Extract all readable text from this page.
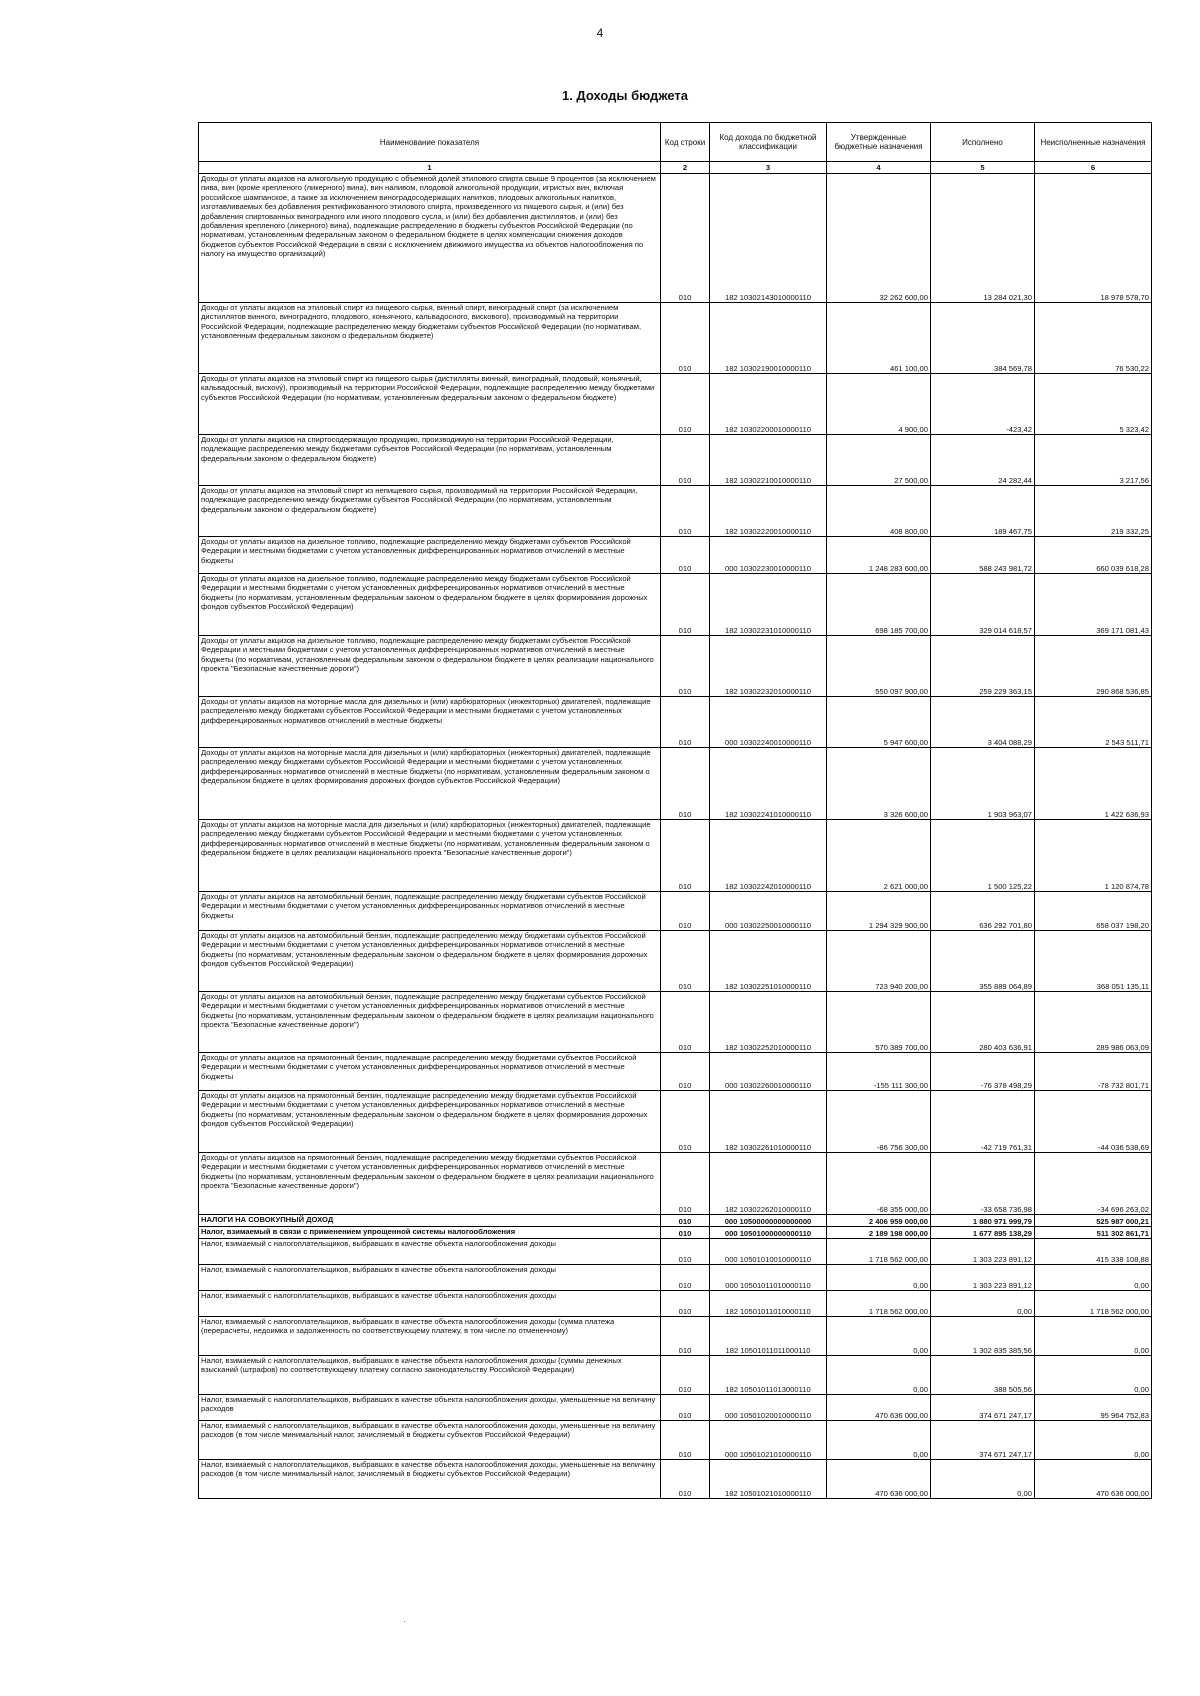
4
1. Доходы бюджета
Наименование показателя	Код строки	Код дохода по бюджетной классификации	Утвержденные бюджетные назначения	Исполнено	Неисполненные назначения
1	2	3	4	5	6
Доходы от уплаты акцизов на алкогольную продукцию с объемной долей этилового спирта свыше 9 процентов (за исключением пива, вин (кроме крепленого (ликерного) вина), вин наливом, плодовой алкогольной продукции, игристых вин, включая российское шампанское, а также за исключением виноградосодержащих напитков, плодовых алкогольных напитков, изготавливаемых без добавления ректификованного этилового спирта, произведенного из пищевого сырья, и (или) без добавления спиртованных виноградного или иного плодового сусла, и (или) без добавления дистиллятов, и (или) без добавления крепленого (ликерного) вина), подлежащие распределению в бюджеты субъектов Российской Федерации (по нормативам, установленным федеральным законом о федеральном бюджете в целях компенсации снижения доходов бюджетов субъектов Российской Федерации в связи с исключением движимого имущества из объектов налогообложения по налогу на имущество организаций)	010	182 10302143010000110	32 262 600,00	13 284 021,30	18 978 578,70
Доходы от уплаты акцизов на этиловый спирт из пищевого сырья, винный спирт, виноградный спирт (за исключением дистиллятов винного, виноградного, плодового, коньячного, кальвадосного, вискового), производимый на территории Российской Федерации, подлежащие распределению между бюджетами субъектов Российской Федерации (по нормативам, установленным федеральным законом о федеральном бюджете)	010	182 10302190010000110	461 100,00	384 569,78	76 530,22
Доходы от уплаты акцизов на этиловый спирт из пищевого сырья (дистилляты винный, виноградный, плодовый, коньячный, кальвадосный, вискový), производимый на территории Российской Федерации, подлежащие распределению между бюджетами субъектов Российской Федерации (по нормативам, установленным федеральным законом о федеральном бюджете)	010	182 10302200010000110	4 900,00	-423,42	5 323,42
Доходы от уплаты акцизов на спиртосодержащую продукцию, производимую на территории Российской Федерации, подлежащие распределению между бюджетами субъектов Российской Федерации (по нормативам, установленным федеральным законом о федеральном бюджете)	010	182 10302210010000110	27 500,00	24 282,44	3 217,56
Доходы от уплаты акцизов на этиловый спирт из непищевого сырья, производимый на территории Российской Федерации, подлежащие распределению между бюджетами субъектов Российской Федерации (по нормативам, установленным федеральным законом о федеральном бюджете)	010	182 10302220010000110	408 800,00	189 467,75	219 332,25
Доходы от уплаты акцизов на дизельное топливо, подлежащие распределению между бюджетами субъектов Российской Федерации и местными бюджетами с учетом установленных дифференцированных нормативов отчислений в местные бюджеты	010	000 10302230010000110	1 248 283 600,00	588 243 981,72	660 039 618,28
Доходы от уплаты акцизов на дизельное топливо, подлежащие распределению между бюджетами субъектов Российской Федерации и местными бюджетами с учетом установленных дифференцированных нормативов отчислений в местные бюджеты (по нормативам, установленным федеральным законом о федеральном бюджете в целях формирования дорожных фондов субъектов Российской Федерации)	010	182 10302231010000110	698 185 700,00	329 014 618,57	369 171 081,43
Доходы от уплаты акцизов на дизельное топливо, подлежащие распределению между бюджетами субъектов Российской Федерации и местными бюджетами с учетом установленных дифференцированных нормативов отчислений в местные бюджеты (по нормативам, установленным федеральным законом о федеральном бюджете в целях реализации национального проекта "Безопасные качественные дороги")	010	182 10302232010000110	550 097 900,00	259 229 363,15	290 868 536,85
Доходы от уплаты акцизов на моторные масла для дизельных и (или) карбюраторных (инжекторных) двигателей, подлежащие распределению между бюджетами субъектов Российской Федерации и местными бюджетами с учетом установленных дифференцированных нормативов отчислений в местные бюджеты	010	000 10302240010000110	5 947 600,00	3 404 088,29	2 543 511,71
Доходы от уплаты акцизов на моторные масла для дизельных и (или) карбюраторных (инжекторных) двигателей, подлежащие распределению между бюджетами субъектов Российской Федерации и местными бюджетами с учетом установленных дифференцированных нормативов отчислений в местные бюджеты (по нормативам, установленным федеральным законом о федеральном бюджете в целях формирования дорожных фондов субъектов Российской Федерации)	010	182 10302241010000110	3 326 600,00	1 903 963,07	1 422 636,93
Доходы от уплаты акцизов на моторные масла для дизельных и (или) карбюраторных (инжекторных) двигателей, подлежащие распределению между бюджетами субъектов Российской Федерации и местными бюджетами с учетом установленных дифференцированных нормативов отчислений в местные бюджеты (по нормативам, установленным федеральным законом о федеральном бюджете в целях реализации национального проекта "Безопасные качественные дороги")	010	182 10302242010000110	2 621 000,00	1 500 125,22	1 120 874,78
Доходы от уплаты акцизов на автомобильный бензин, подлежащие распределению между бюджетами субъектов Российской Федерации и местными бюджетами с учетом установленных дифференцированных нормативов отчислений в местные бюджеты	010	000 10302250010000110	1 294 329 900,00	636 292 701,80	658 037 198,20
Доходы от уплаты акцизов на автомобильный бензин, подлежащие распределению между бюджетами субъектов Российской Федерации и местными бюджетами с учетом установленных дифференцированных нормативов отчислений в местные бюджеты (по нормативам, установленным федеральным законом о федеральном бюджете в целях формирования дорожных фондов субъектов Российской Федерации)	010	182 10302251010000110	723 940 200,00	355 889 064,89	368 051 135,11
Доходы от уплаты акцизов на автомобильный бензин, подлежащие распределению между бюджетами субъектов Российской Федерации и местными бюджетами с учетом установленных дифференцированных нормативов отчислений в местные бюджеты (по нормативам, установленным федеральным законом о федеральном бюджете в целях реализации национального проекта "Безопасные качественные дороги")	010	182 10302252010000110	570 389 700,00	280 403 636,91	289 986 063,09
Доходы от уплаты акцизов на прямогонный бензин, подлежащие распределению между бюджетами субъектов Российской Федерации и местными бюджетами с учетом установленных дифференцированных нормативов отчислений в местные бюджеты	010	000 10302260010000110	-155 111 300,00	-76 378 498,29	-78 732 801,71
Доходы от уплаты акцизов на прямогонный бензин, подлежащие распределению между бюджетами субъектов Российской Федерации и местными бюджетами с учетом установленных дифференцированных нормативов отчислений в местные бюджеты (по нормативам, установленным федеральным законом о федеральном бюджете в целях формирования дорожных фондов субъектов Российской Федерации)	010	182 10302261010000110	-86 756 300,00	-42 719 761,31	-44 036 538,69
Доходы от уплаты акцизов на прямогонный бензин, подлежащие распределению между бюджетами субъектов Российской Федерации и местными бюджетами с учетом установленных дифференцированных нормативов отчислений в местные бюджеты (по нормативам, установленным федеральным законом о федеральном бюджете в целях реализации национального проекта "Безопасные качественные дороги")	010	182 10302262010000110	-68 355 000,00	-33 658 736,98	-34 696 263,02
НАЛОГИ НА СОВОКУПНЫЙ ДОХОД	010	000 10500000000000000	2 406 959 000,00	1 880 971 999,79	525 987 000,21
Налог, взимаемый в связи с применением упрощенной системы налогообложения	010	000 10501000000000110	2 189 198 000,00	1 677 895 138,29	511 302 861,71
Налог, взимаемый с налогоплательщиков, выбравших в качестве объекта налогообложения доходы	010	000 10501010010000110	1 718 562 000,00	1 303 223 891,12	415 338 108,88
Налог, взимаемый с налогоплательщиков, выбравших в качестве объекта налогообложения доходы	010	000 10501011010000110	0,00	1 303 223 891,12	0,00
Налог, взимаемый с налогоплательщиков, выбравших в качестве объекта налогообложения доходы	010	182 10501011010000110	1 718 562 000,00	0,00	1 718 562 000,00
Налог, взимаемый с налогоплательщиков, выбравших в качестве объекта налогообложения доходы (сумма платежа (перерасчеты, недоимка и задолженность по соответствующему платежу, в том числе по отмененному)	010	182 10501011011000110	0,00	1 302 835 385,56	0,00
Налог, взимаемый с налогоплательщиков, выбравших в качестве объекта налогообложения доходы (суммы денежных взысканий (штрафов) по соответствующему платежу согласно законодательству Российской Федерации)	010	182 10501011013000110	0,00	388 505,56	0,00
Налог, взимаемый с налогоплательщиков, выбравших в качестве объекта налогообложения доходы, уменьшенные на величину расходов	010	000 10501020010000110	470 636 000,00	374 671 247,17	95 964 752,83
Налог, взимаемый с налогоплательщиков, выбравших в качестве объекта налогообложения доходы, уменьшенные на величину расходов (в том числе минимальный налог, зачисляемый в бюджеты субъектов Российской Федерации)	010	000 10501021010000110	0,00	374 671 247,17	0,00
Налог, взимаемый с налогоплательщиков, выбравших в качестве объекта налогообложения доходы, уменьшенные на величину расходов (в том числе минимальный налог, зачисляемый в бюджеты субъектов Российской Федерации)	010	182 10501021010000110	470 636 000,00	0,00	470 636 000,00
·
